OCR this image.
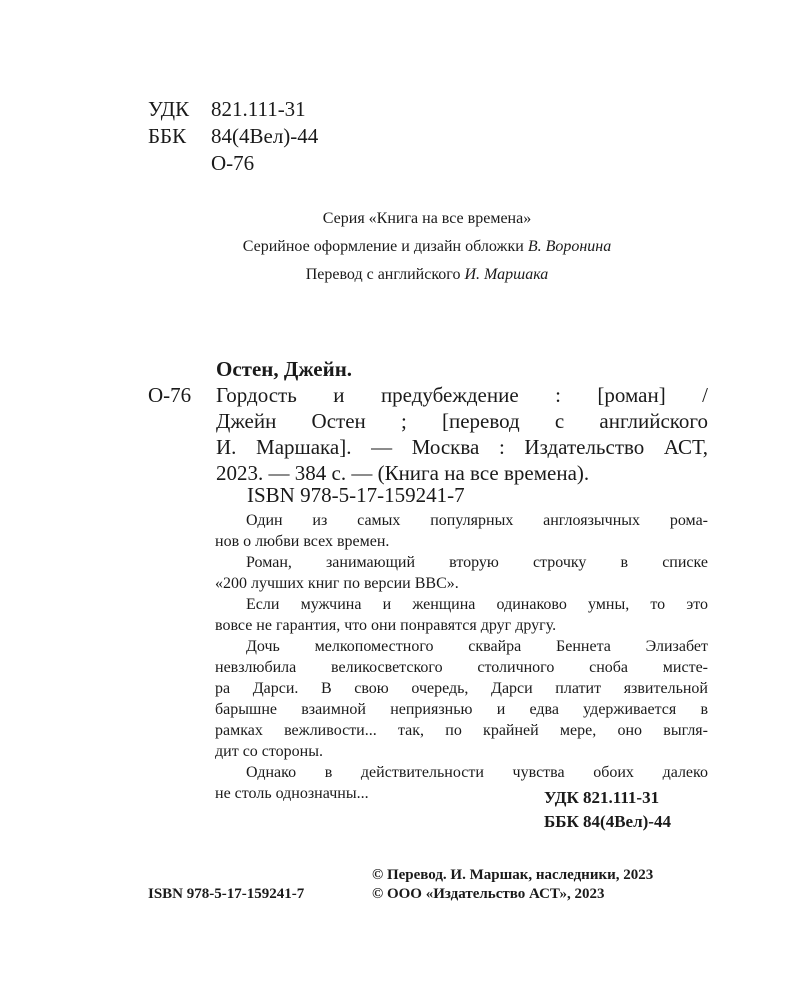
УДК 821.111-31
ББК 84(4Вел)-44
О-76
Серия «Книга на все времена»
Серийное оформление и дизайн обложки В. Воронина
Перевод с английского И. Маршака
Остен, Джейн.
О-76 Гордость и предубеждение : [роман] /
Джейн Остен ; [перевод с английского
И. Маршака]. — Москва : Издательство АСТ,
2023. — 384 с. — (Книга на все времена).
ISBN 978-5-17-159241-7
Один из самых популярных англоязычных рома-
нов о любви всех времен.
Роман, занимающий вторую строчку в списке
«200 лучших книг по версии BBC».
Если мужчина и женщина одинаково умны, то это
вовсе не гарантия, что они понравятся друг другу.
Дочь мелкопоместного сквайра Беннета Элизабет
невзлюбила великосветского столичного сноба мисте-
ра Дарси. В свою очередь, Дарси платит язвительной
барышне взаимной неприязнью и едва удерживается в
рамках вежливости... так, по крайней мере, оно выгля-
дит со стороны.
Однако в действительности чувства обоих далеко
не столь однозначны...	УДК 821.111-31
ББК 84(4Вел)-44
© Перевод. И. Маршак, наследники, 2023
© ООО «Издательство АСТ», 2023
ISBN 978-5-17-159241-7
